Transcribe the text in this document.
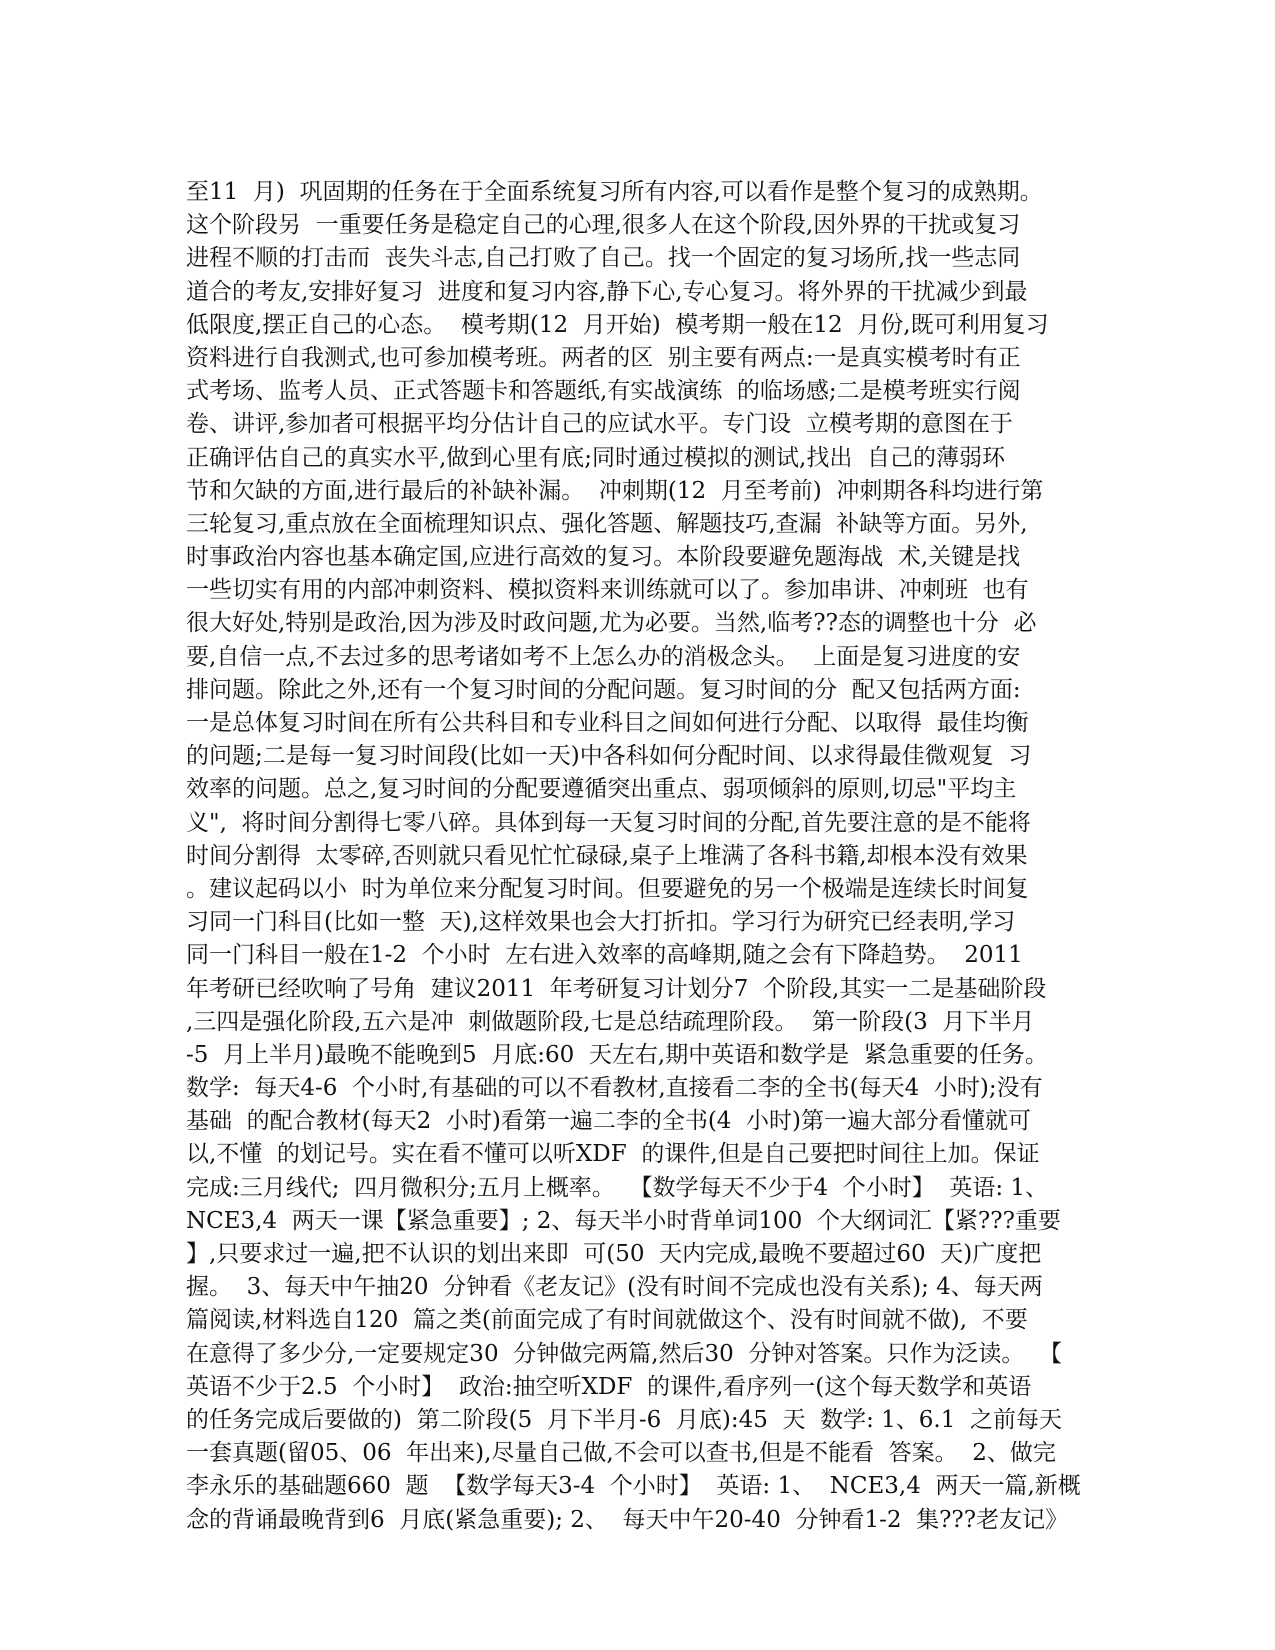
至11  月)  巩固期的任务在于全面系统复习所有内容,可以看作是整个复习的成熟期。
这个阶段另  一重要任务是稳定自己的心理,很多人在这个阶段,因外界的干扰或复习
进程不顺的打击而  丧失斗志,自己打败了自己。找一个固定的复习场所,找一些志同
道合的考友,安排好复习  进度和复习内容,静下心,专心复习。将外界的干扰减少到最
低限度,摆正自己的心态。  模考期(12  月开始)  模考期一般在12  月份,既可利用复习
资料进行自我测式,也可参加模考班。两者的区  别主要有两点:一是真实模考时有正
式考场、监考人员、正式答题卡和答题纸,有实战演练  的临场感;二是模考班实行阅
卷、讲评,参加者可根据平均分估计自己的应试水平。专门设  立模考期的意图在于
正确评估自己的真实水平,做到心里有底;同时通过模拟的测试,找出  自己的薄弱环
节和欠缺的方面,进行最后的补缺补漏。  冲刺期(12  月至考前)  冲刺期各科均进行第
三轮复习,重点放在全面梳理知识点、强化答题、解题技巧,查漏  补缺等方面。另外,
时事政治内容也基本确定国,应进行高效的复习。本阶段要避免题海战  术,关键是找
一些切实有用的内部冲刺资料、模拟资料来训练就可以了。参加串讲、冲刺班  也有
很大好处,特别是政治,因为涉及时政问题,尤为必要。当然,临考??态的调整也十分  必
要,自信一点,不去过多的思考诸如考不上怎么办的消极念头。  上面是复习进度的安
排问题。除此之外,还有一个复习时间的分配问题。复习时间的分  配又包括两方面:
一是总体复习时间在所有公共科目和专业科目之间如何进行分配、以取得  最佳均衡
的问题;二是每一复习时间段(比如一天)中各科如何分配时间、以求得最佳微观复  习
效率的问题。总之,复习时间的分配要遵循突出重点、弱项倾斜的原则,切忌"平均主
义",  将时间分割得七零八碎。具体到每一天复习时间的分配,首先要注意的是不能将
时间分割得  太零碎,否则就只看见忙忙碌碌,桌子上堆满了各科书籍,却根本没有效果
。建议起码以小  时为单位来分配复习时间。但要避免的另一个极端是连续长时间复
习同一门科目(比如一整  天),这样效果也会大打折扣。学习行为研究已经表明,学习
同一门科目一般在1-2  个小时  左右进入效率的高峰期,随之会有下降趋势。  2011
年考研已经吹响了号角  建议2011  年考研复习计划分7  个阶段,其实一二是基础阶段
,三四是强化阶段,五六是冲  刺做题阶段,七是总结疏理阶段。  第一阶段(3  月下半月
-5  月上半月)最晚不能晚到5  月底:60  天左右,期中英语和数学是  紧急重要的任务。
数学:  每天4-6  个小时,有基础的可以不看教材,直接看二李的全书(每天4  小时);没有
基础  的配合教材(每天2  小时)看第一遍二李的全书(4  小时)第一遍大部分看懂就可
以,不懂  的划记号。实在看不懂可以听XDF  的课件,但是自己要把时间往上加。保证
完成:三月线代;  四月微积分;五月上概率。  【数学每天不少于4  个小时】  英语: 1、
NCE3,4  两天一课【紧急重要】; 2、每天半小时背单词100  个大纲词汇【紧???重要
】,只要求过一遍,把不认识的划出来即  可(50  天内完成,最晚不要超过60  天)广度把
握。  3、每天中午抽20  分钟看《老友记》(没有时间不完成也没有关系); 4、每天两
篇阅读,材料选自120  篇之类(前面完成了有时间就做这个、没有时间就不做),  不要
在意得了多少分,一定要规定30  分钟做完两篇,然后30  分钟对答案。只作为泛读。  【
英语不少于2.5  个小时】  政治:抽空听XDF  的课件,看序列一(这个每天数学和英语
的任务完成后要做的)  第二阶段(5  月下半月-6  月底):45  天  数学: 1、6.1  之前每天
一套真题(留05、06  年出来),尽量自己做,不会可以查书,但是不能看  答案。  2、做完
李永乐的基础题660  题  【数学每天3-4  个小时】  英语: 1、  NCE3,4  两天一篇,新概
念的背诵最晚背到6  月底(紧急重要); 2、  每天中午20-40  分钟看1-2  集???老友记》
